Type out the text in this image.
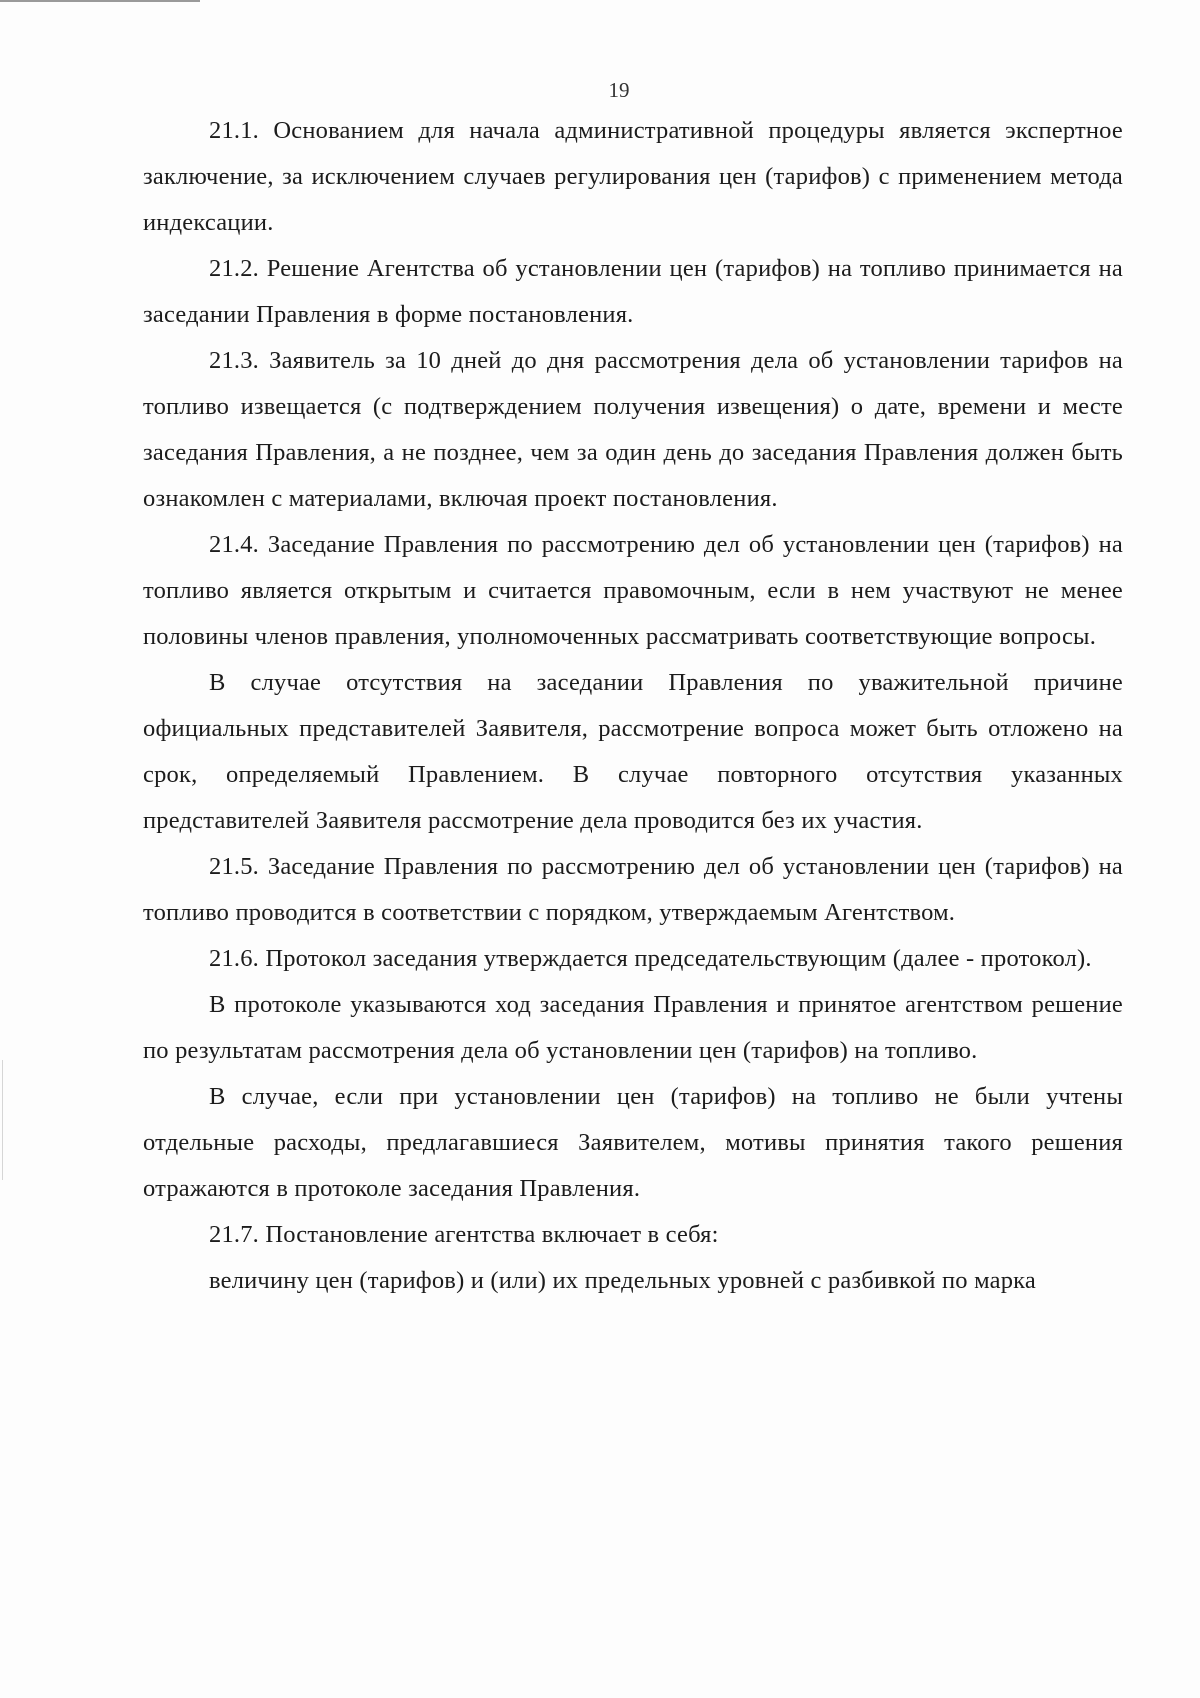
19

21.1. Основанием для начала административной процедуры является экспертное заключение, за исключением случаев регулирования цен (тарифов) с применением метода индексации.

21.2. Решение Агентства об установлении цен (тарифов) на топливо принимается на заседании Правления в форме постановления.

21.3. Заявитель за 10 дней до дня рассмотрения дела об установлении тарифов на топливо извещается (с подтверждением получения извещения) о дате, времени и месте заседания Правления, а не позднее, чем за один день до заседания Правления должен быть ознакомлен с материалами, включая проект постановления.

21.4. Заседание Правления по рассмотрению дел об установлении цен (тарифов) на топливо является открытым и считается правомочным, если в нем участвуют не менее половины членов правления, уполномоченных рассматривать соответствующие вопросы.

В случае отсутствия на заседании Правления по уважительной причине официальных представителей Заявителя, рассмотрение вопроса может быть отложено на срок, определяемый Правлением. В случае повторного отсутствия указанных представителей Заявителя рассмотрение дела проводится без их участия.

21.5. Заседание Правления по рассмотрению дел об установлении цен (тарифов) на топливо проводится в соответствии с порядком, утверждаемым Агентством.

21.6. Протокол заседания утверждается председательствующим (далее - протокол).

В протоколе указываются ход заседания Правления и принятое агентством решение по результатам рассмотрения дела об установлении цен (тарифов) на топливо.

В случае, если при установлении цен (тарифов) на топливо не были учтены отдельные расходы, предлагавшиеся Заявителем, мотивы принятия такого решения отражаются в протоколе заседания Правления.

21.7. Постановление агентства включает в себя:

величину цен (тарифов) и (или) их предельных уровней с разбивкой по марка
